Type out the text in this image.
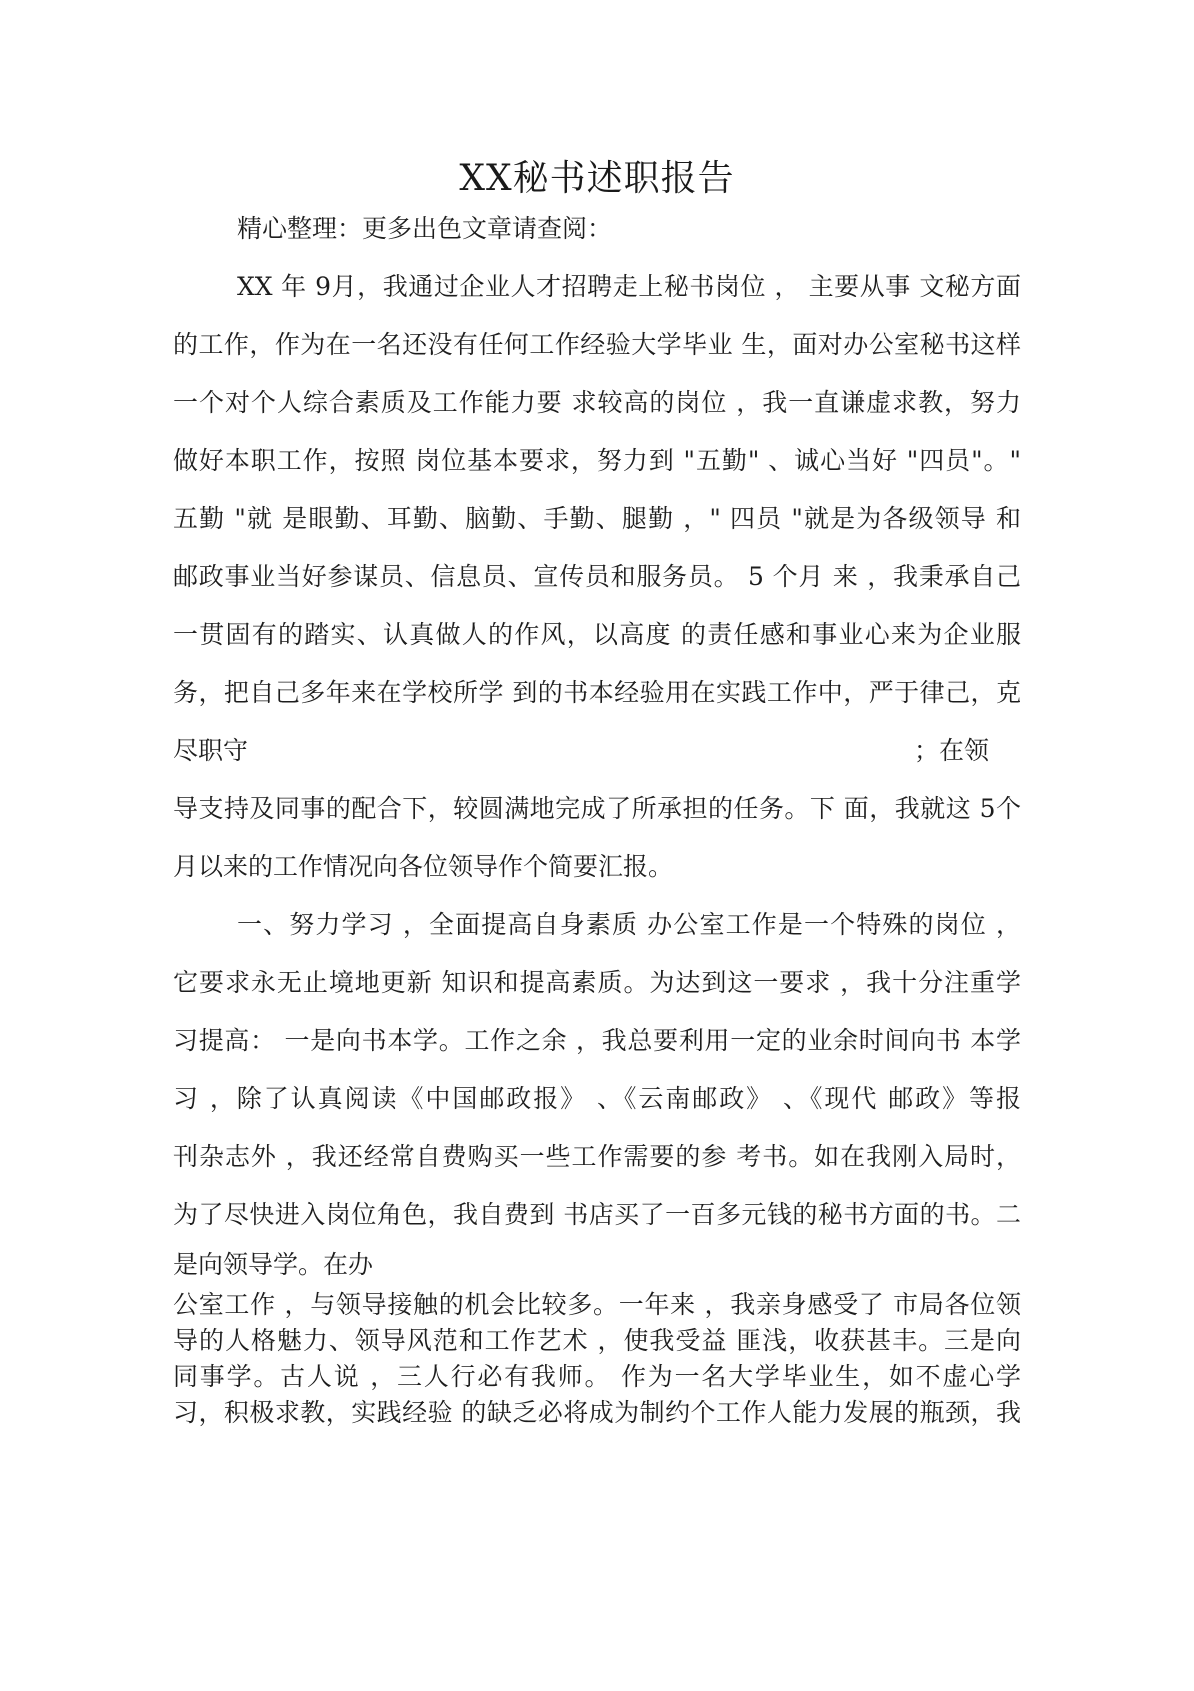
XX秘书述职报告
精心整理：更多出色文章请查阅：
XX 年 9月，我通过企业人才招聘走上秘书岗位 ， 主要从事 文秘方面
的工作，作为在一名还没有任何工作经验大学毕业 生，面对办公室秘书这样
一个对个人综合素质及工作能力要 求较高的岗位 ，我一直谦虚求教，努力
做好本职工作，按照 岗位基本要求，努力到 "五勤" 、诚心当好 "四员"。"
五勤 "就 是眼勤、耳勤、脑勤、手勤、腿勤 ，" 四员 "就是为各级领导 和
邮政事业当好参谋员、信息员、宣传员和服务员。 5 个月 来 ，我秉承自己
一贯固有的踏实、认真做人的作风，以高度 的责任感和事业心来为企业服
务，把自己多年来在学校所学 到的书本经验用在实践工作中，严于律己，克
尽职守	；在领
导支持及同事的配合下，较圆满地完成了所承担的任务。下 面，我就这 5个
月以来的工作情况向各位领导作个简要汇报。
一、努力学习 ，全面提高自身素质 办公室工作是一个特殊的岗位 ，
它要求永无止境地更新 知识和提高素质。为达到这一要求 ，我十分注重学
习提高： 一是向书本学。工作之余 ，我总要利用一定的业余时间向书 本学
习 ，除了认真阅读《中国邮政报》 、《云南邮政》 、《现代 邮政》等报
刊杂志外 ，我还经常自费购买一些工作需要的参 考书。如在我刚入局时，
为了尽快进入岗位角色，我自费到 书店买了一百多元钱的秘书方面的书。二
是向领导学。在办
公室工作 ，与领导接触的机会比较多。一年来 ，我亲身感受了 市局各位领
导的人格魅力、领导风范和工作艺术 ，使我受益 匪浅，收获甚丰。三是向
同事学。古人说 ，三人行必有我师。 作为一名大学毕业生，如不虚心学
习，积极求教，实践经验 的缺乏必将成为制约个工作人能力发展的瓶颈，我
